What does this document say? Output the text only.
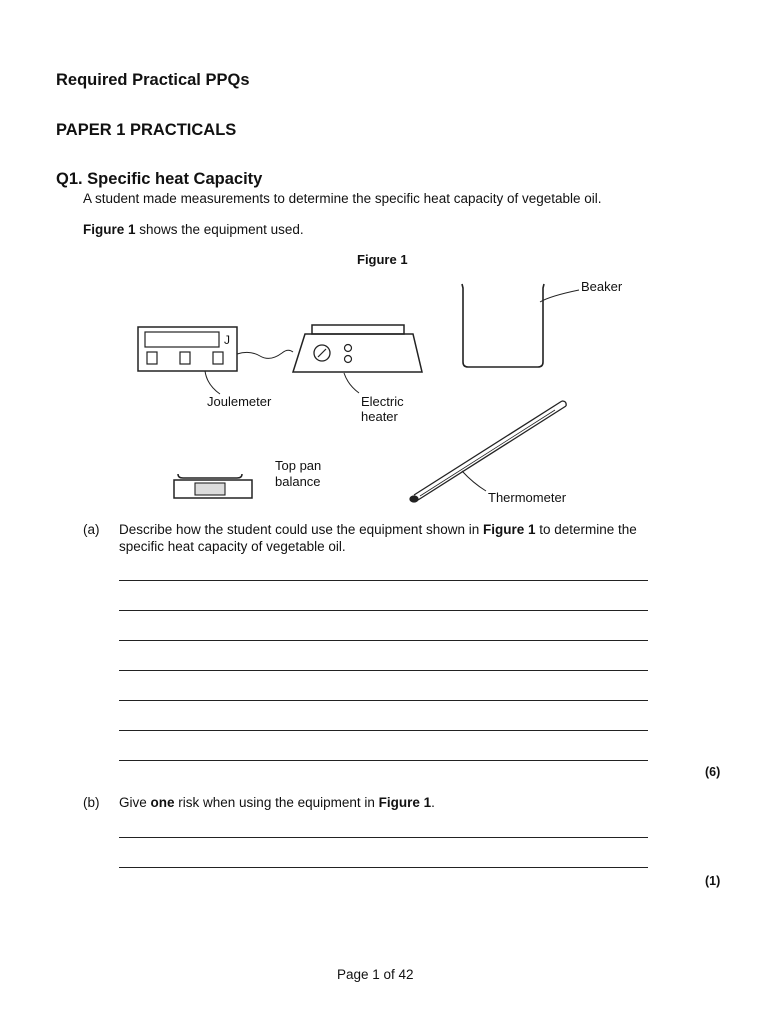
Required Practical PPQs
PAPER 1 PRACTICALS
Q1. Specific heat Capacity
A student made measurements to determine the specific heat capacity of vegetable oil.
Figure 1 shows the equipment used.
Figure 1
Beaker
J
Joulemeter	Electric
heater
Thermometer
Top pan
balance
(a) Describe how the student could use the equipment shown in Figure 1 to determine the
specific heat capacity of vegetable oil.
(6)
(b) Give one risk when using the equipment in Figure 1.
(1)
Page 1 of 42
